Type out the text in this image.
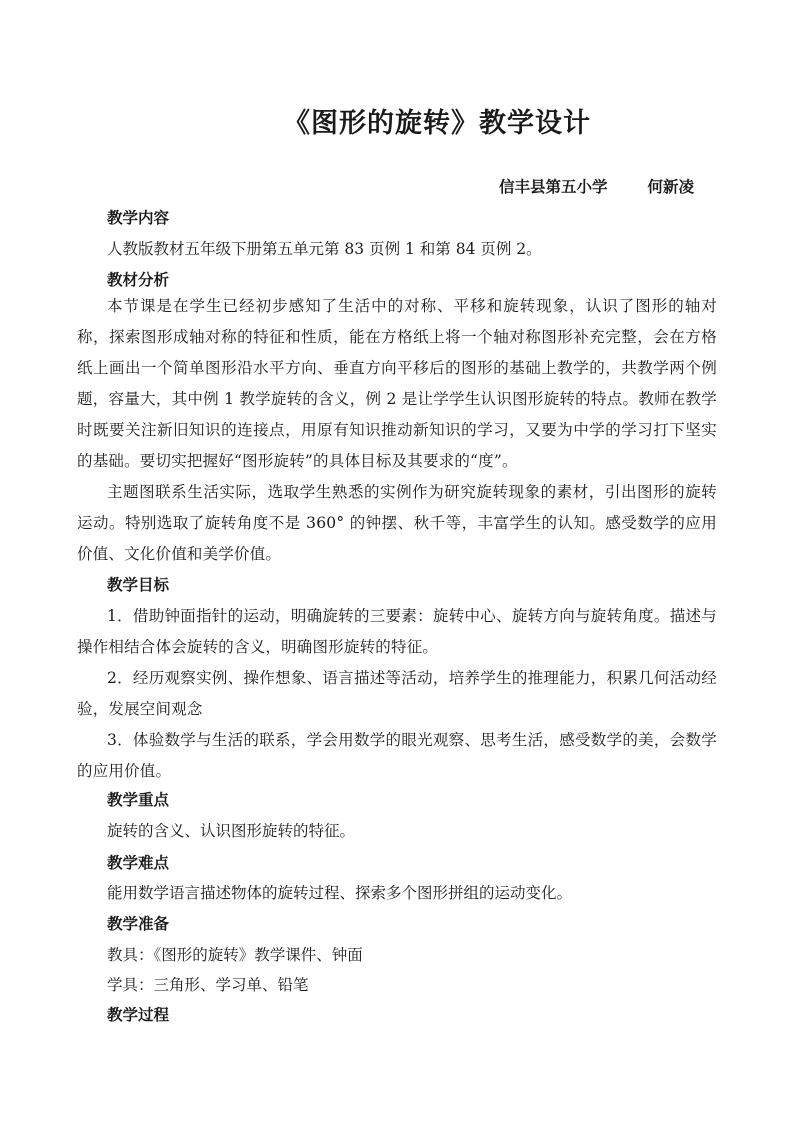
《图形的旋转》教学设计
信丰县第五小学	何新凌
教学内容
人教版教材五年级下册第五单元第 83 页例 1 和第 84 页例 2。
教材分析
本节课是在学生已经初步感知了生活中的对称、平移和旋转现象，认识了图形的轴对称，探索图形成轴对称的特征和性质，能在方格纸上将一个轴对称图形补充完整，会在方格纸上画出一个简单图形沿水平方向、垂直方向平移后的图形的基础上教学的，共教学两个例题，容量大，其中例 1 教学旋转的含义，例 2 是让学学生认识图形旋转的特点。教师在教学时既要关注新旧知识的连接点，用原有知识推动新知识的学习，又要为中学的学习打下坚实的基础。要切实把握好“图形旋转”的具体目标及其要求的“度”。
主题图联系生活实际，选取学生熟悉的实例作为研究旋转现象的素材，引出图形的旋转运动。特别选取了旋转角度不是 360° 的钟摆、秋千等，丰富学生的认知。感受数学的应用价值、文化价值和美学价值。
教学目标
1．借助钟面指针的运动，明确旋转的三要素：旋转中心、旋转方向与旋转角度。描述与操作相结合体会旋转的含义，明确图形旋转的特征。
2．经历观察实例、操作想象、语言描述等活动，培养学生的推理能力，积累几何活动经验，发展空间观念
3．体验数学与生活的联系，学会用数学的眼光观察、思考生活，感受数学的美，会数学的应用价值。
教学重点
旋转的含义、认识图形旋转的特征。
教学难点
能用数学语言描述物体的旋转过程、探索多个图形拼组的运动变化。
教学准备
教具：《图形的旋转》教学课件、钟面
学具：三角形、学习单、铅笔
教学过程
